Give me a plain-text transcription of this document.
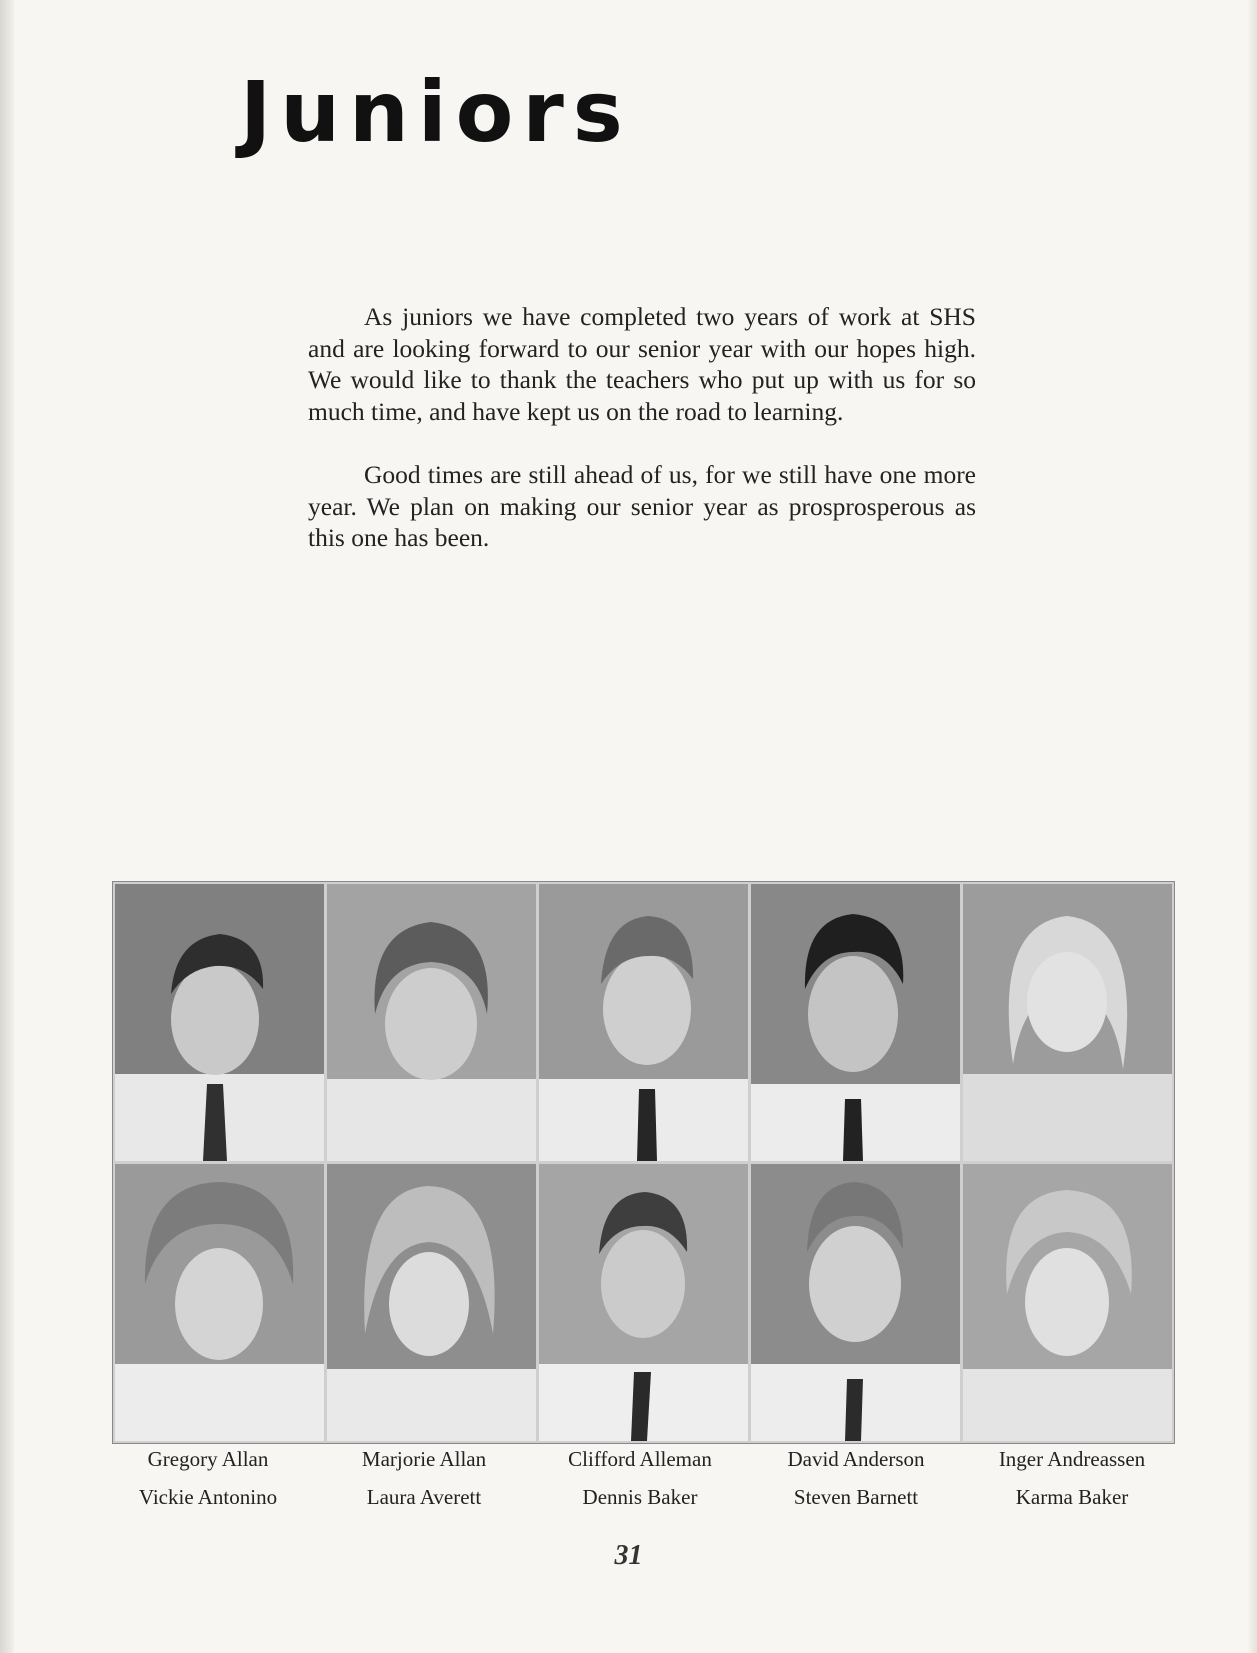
Juniors

As juniors we have completed two years of work at SHS and are looking forward to our senior year with our hopes high. We would like to thank the teachers who put up with us for so much time, and have kept us on the road to learning.

Good times are still ahead of us, for we still have one more year. We plan on making our senior year as prosprosperous as this one has been.

Gregory Allan	Marjorie Allan	Clifford Alleman	David Anderson	Inger Andreassen
Vickie Antonino	Laura Averett	Dennis Baker	Steven Barnett	Karma Baker
31
